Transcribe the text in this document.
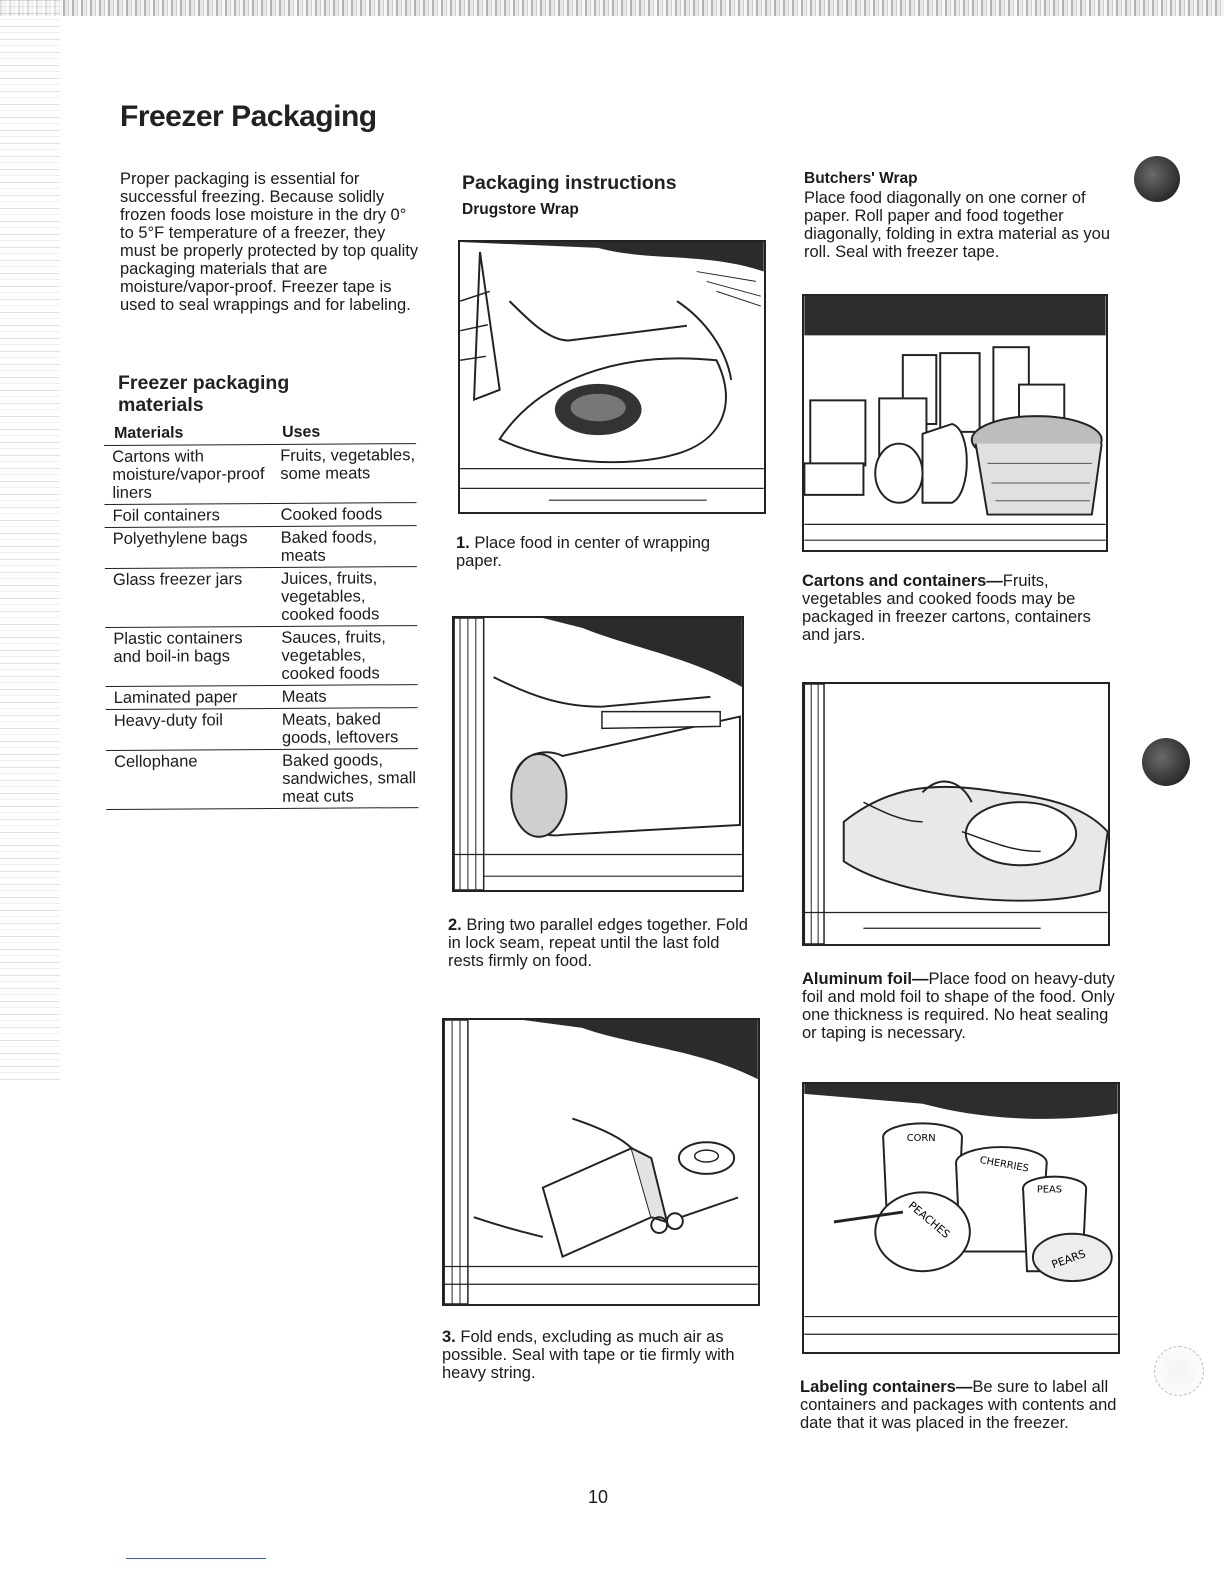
Freezer Packaging

Proper packaging is essential for successful freezing. Because solidly frozen foods lose moisture in the dry 0° to 5°F temperature of a freezer, they must be properly protected by top quality packaging materials that are moisture/vapor-proof. Freezer tape is used to seal wrappings and for labeling.

Freezer packaging materials
Materials	Uses
Cartons with moisture/vapor-proof liners	Fruits, vegetables, some meats
Foil containers	Cooked foods
Polyethylene bags	Baked foods, meats
Glass freezer jars	Juices, fruits, vegetables, cooked foods
Plastic containers and boil-in bags	Sauces, fruits, vegetables, cooked foods
Laminated paper	Meats
Heavy-duty foil	Meats, baked goods, leftovers
Cellophane	Baked goods, sandwiches, small meat cuts
Packaging instructions
Drugstore Wrap

1. Place food in center of wrapping paper.

2. Bring two parallel edges together. Fold in lock seam, repeat until the last fold rests firmly on food.

3. Fold ends, excluding as much air as possible. Seal with tape or tie firmly with heavy string.

Butchers' Wrap

Place food diagonally on one corner of paper. Roll paper and food together diagonally, folding in extra material as you roll. Seal with freezer tape.

Cartons and containers—Fruits, vegetables and cooked foods may be packaged in freezer cartons, containers and jars.

Aluminum foil—Place food on heavy-duty foil and mold foil to shape of the food. Only one thickness is required. No heat sealing or taping is necessary.

CORN
CHERRIES
PEAS
PEACHES
PEARS

Labeling containers—Be sure to label all containers and packages with contents and date that it was placed in the freezer.

10
